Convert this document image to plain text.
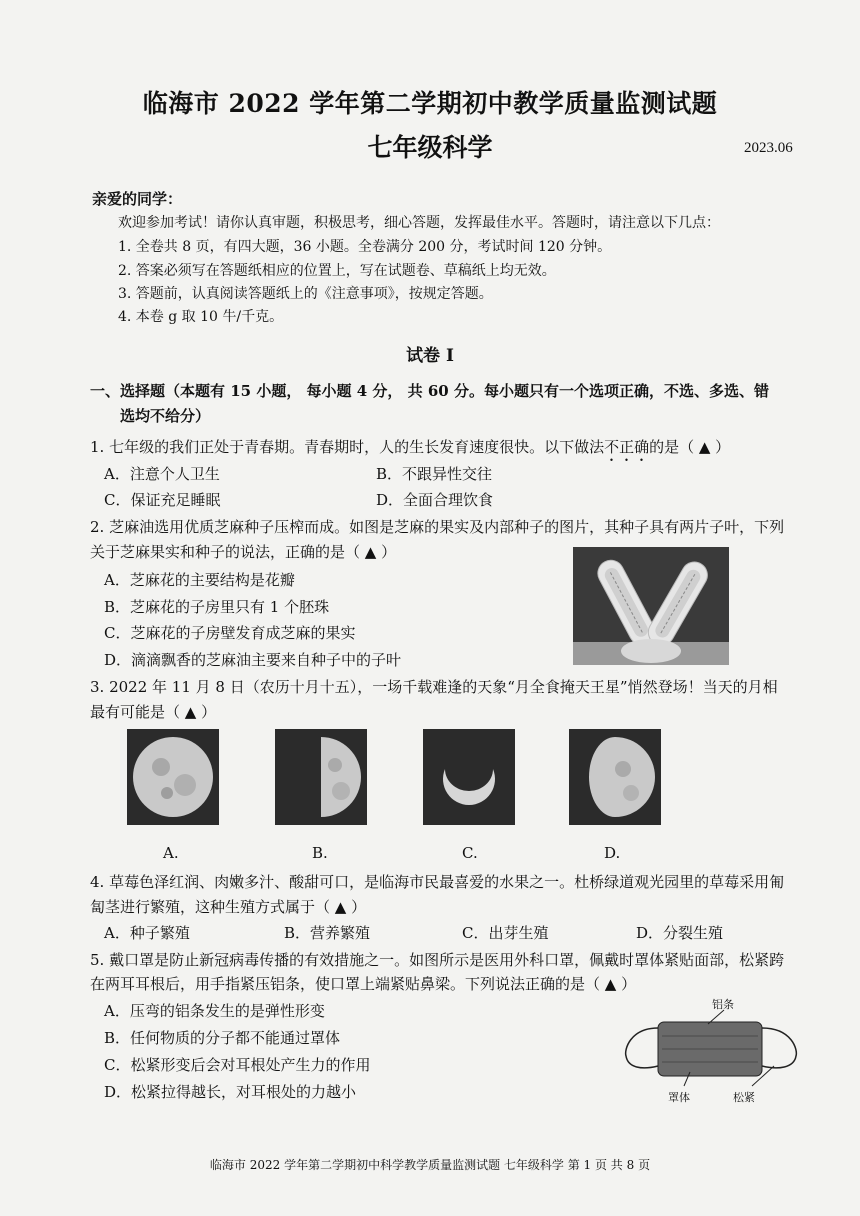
临海市 2022 学年第二学期初中教学质量监测试题
七年级科学	2023.06
亲爱的同学：
欢迎参加考试！请你认真审题，积极思考，细心答题，发挥最佳水平。答题时，请注意以下几点：
1. 全卷共 8 页，有四大题，36 小题。全卷满分 200 分，考试时间 120 分钟。
2. 答案必须写在答题纸相应的位置上，写在试题卷、草稿纸上均无效。
3. 答题前，认真阅读答题纸上的《注意事项》，按规定答题。
4. 本卷 g 取 10 牛/千克。
试卷 Ⅰ
一、选择题（本题有 15 小题， 每小题 4 分， 共 60 分。每小题只有一个选项正确，不选、多选、错
选均不给分）
1. 七年级的我们正处于青春期。青春期时，人的生长发育速度很快。以下做法不正确的是（ ▲ ）
A．注意个人卫生	B．不跟异性交往
C．保证充足睡眠	D．全面合理饮食
2. 芝麻油选用优质芝麻种子压榨而成。如图是芝麻的果实及内部种子的图片，其种子具有两片子叶，下列
关于芝麻果实和种子的说法，正确的是（ ▲ ）
A．芝麻花的主要结构是花瓣
B．芝麻花的子房里只有 1 个胚珠
C．芝麻花的子房壁发育成芝麻的果实
D．滴滴飘香的芝麻油主要来自种子中的子叶
3. 2022 年 11 月 8 日（农历十月十五），一场千载难逢的天象“月全食掩天王星”悄然登场！当天的月相
最有可能是（ ▲ ）
A.	B.	C.	D.
4. 草莓色泽红润、肉嫩多汁、酸甜可口，是临海市民最喜爱的水果之一。杜桥绿道观光园里的草莓采用匍
匐茎进行繁殖，这种生殖方式属于（ ▲ ）
A．种子繁殖	B．营养繁殖	C．出芽生殖	D．分裂生殖
5. 戴口罩是防止新冠病毒传播的有效措施之一。如图所示是医用外科口罩，佩戴时罩体紧贴面部，松紧跨
在两耳耳根后，用手指紧压铝条，使口罩上端紧贴鼻梁。下列说法正确的是（ ▲ ）
A．压弯的铝条发生的是弹性形变
B．任何物质的分子都不能通过罩体
C．松紧形变后会对耳根处产生力的作用
D．松紧拉得越长，对耳根处的力越小
铝条
罩体	松紧
临海市 2022 学年第二学期初中科学教学质量监测试题 七年级科学 第 1 页 共 8 页
